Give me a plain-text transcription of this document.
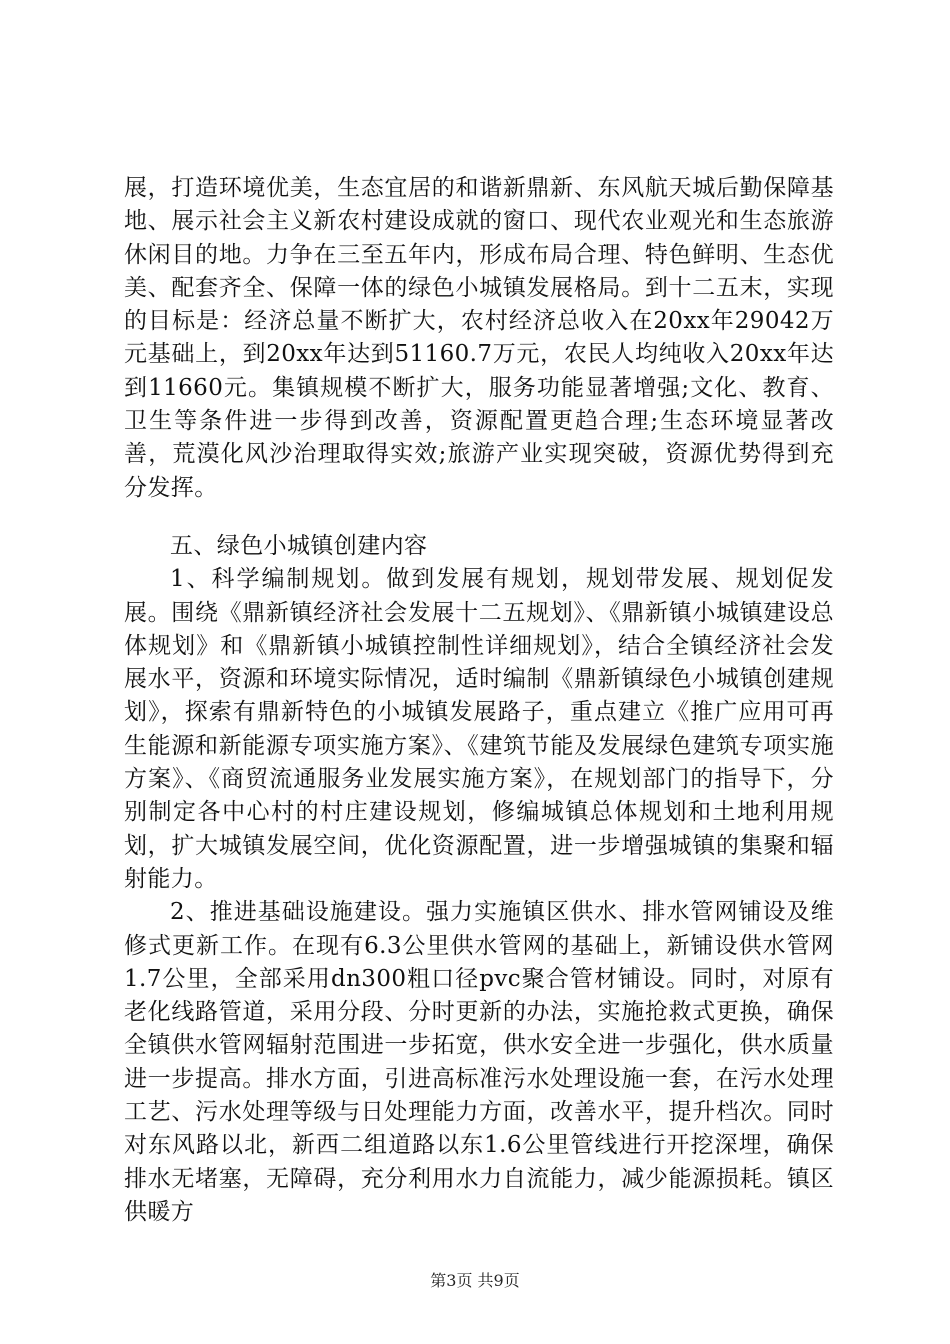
展，打造环境优美，生态宜居的和谐新鼎新、东风航天城后勤保障基地、展示社会主义新农村建设成就的窗口、现代农业观光和生态旅游休闲目的地。力争在三至五年内，形成布局合理、特色鲜明、生态优美、配套齐全、保障一体的绿色小城镇发展格局。到十二五末，实现的目标是：经济总量不断扩大，农村经济总收入在20xx年29042万元基础上，到20xx年达到51160.7万元，农民人均纯收入20xx年达到11660元。集镇规模不断扩大，服务功能显著增强;文化、教育、卫生等条件进一步得到改善，资源配置更趋合理;生态环境显著改善，荒漠化风沙治理取得实效;旅游产业实现突破，资源优势得到充分发挥。

五、绿色小城镇创建内容

1、科学编制规划。做到发展有规划，规划带发展、规划促发展。围绕《鼎新镇经济社会发展十二五规划》、《鼎新镇小城镇建设总体规划》和《鼎新镇小城镇控制性详细规划》，结合全镇经济社会发展水平，资源和环境实际情况，适时编制《鼎新镇绿色小城镇创建规划》，探索有鼎新特色的小城镇发展路子，重点建立《推广应用可再生能源和新能源专项实施方案》、《建筑节能及发展绿色建筑专项实施方案》、《商贸流通服务业发展实施方案》，在规划部门的指导下，分别制定各中心村的村庄建设规划，修编城镇总体规划和土地利用规划，扩大城镇发展空间，优化资源配置，进一步增强城镇的集聚和辐射能力。

2、推进基础设施建设。强力实施镇区供水、排水管网铺设及维修式更新工作。在现有6.3公里供水管网的基础上，新铺设供水管网1.7公里，全部采用dn300粗口径pvc聚合管材铺设。同时，对原有老化线路管道，采用分段、分时更新的办法，实施抢救式更换，确保全镇供水管网辐射范围进一步拓宽，供水安全进一步强化，供水质量进一步提高。排水方面，引进高标准污水处理设施一套，在污水处理工艺、污水处理等级与日处理能力方面，改善水平，提升档次。同时对东风路以北，新西二组道路以东1.6公里管线进行开挖深埋，确保排水无堵塞，无障碍，充分利用水力自流能力，减少能源损耗。镇区供暖方

第3页 共9页
